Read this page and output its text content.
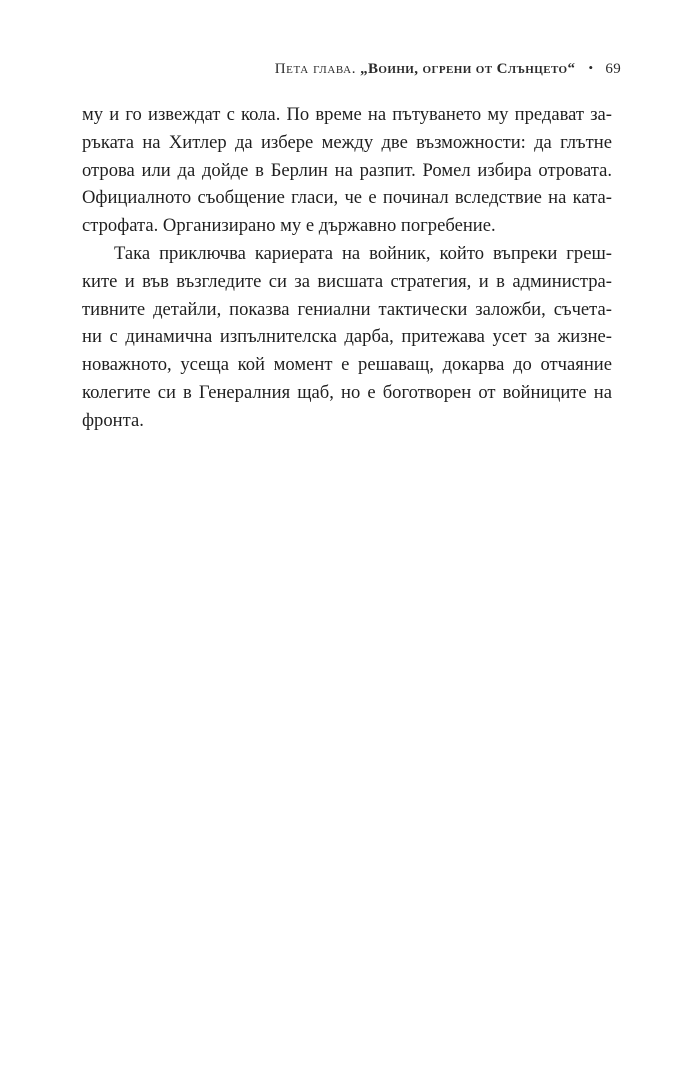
Пета глава. „Воини, огрени от Слънцето“ • 69
му и го извеждат с кола. По време на пътуването му предават за-
ръката на Хитлер да избере между две възможности: да глътне
отрова или да дойде в Берлин на разпит. Ромел избира отровата.
Официалното съобщение гласи, че е починал вследствие на ката-
строфата. Организирано му е държавно погребение.
Така приключва кариерата на войник, който въпреки греш-
ките и във възгледите си за висшата стратегия, и в администра-
тивните детайли, показва гениални тактически заложби, съчета-
ни с динамична изпълнителска дарба, притежава усет за жизне-
новажното, усеща кой момент е решаващ, докарва до отчаяние
колегите си в Генералния щаб, но е боготворен от войниците на
фронта.
